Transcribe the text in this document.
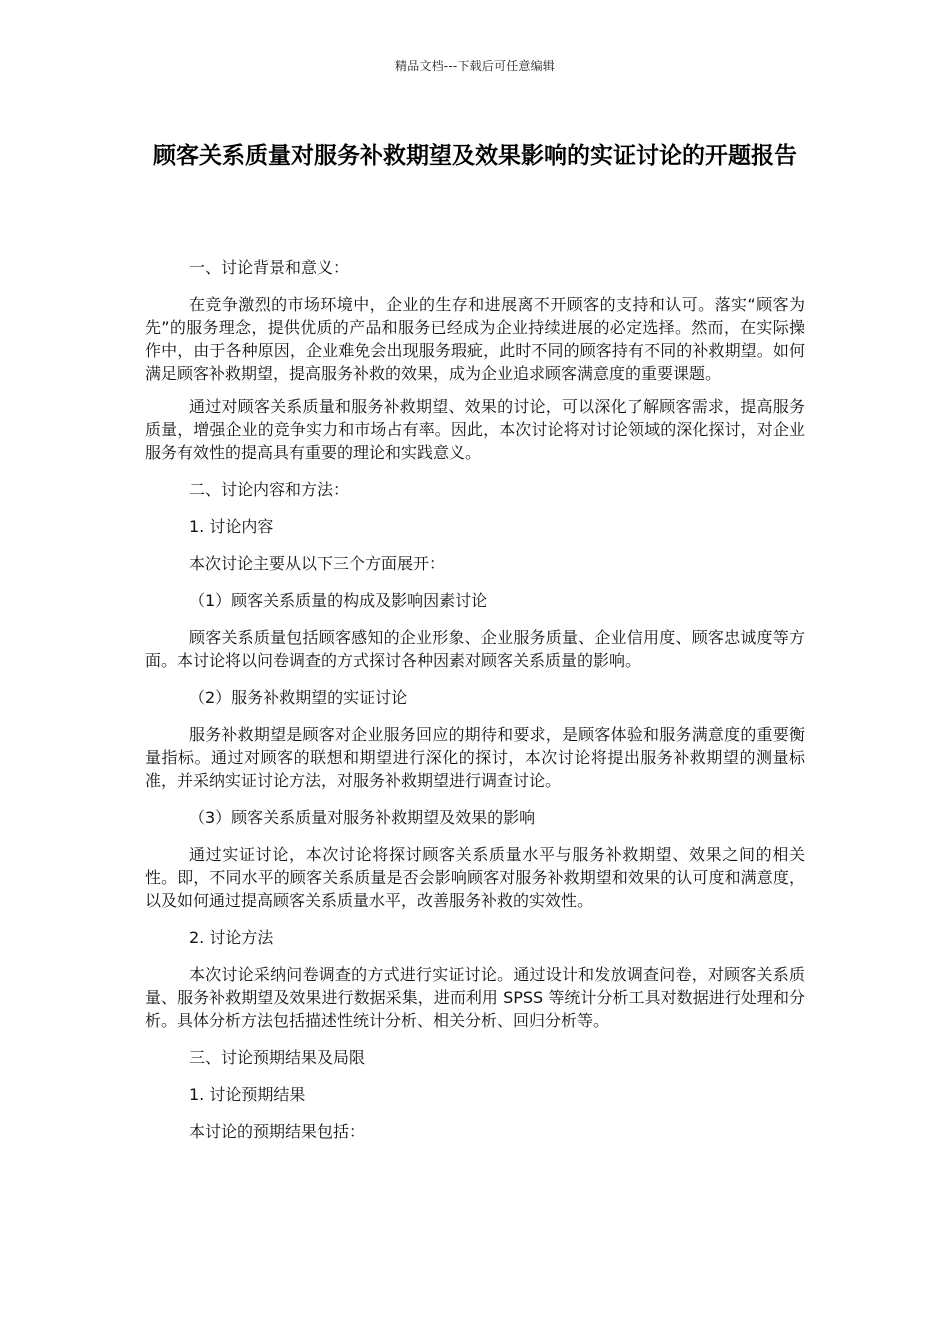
精品文档---下载后可任意编辑
顾客关系质量对服务补救期望及效果影响的实证讨论的开题报告
一、讨论背景和意义：
在竞争激烈的市场环境中，企业的生存和进展离不开顾客的支持和认可。落实“顾客为先”的服务理念，提供优质的产品和服务已经成为企业持续进展的必定选择。然而，在实际操作中，由于各种原因，企业难免会出现服务瑕疵，此时不同的顾客持有不同的补救期望。如何满足顾客补救期望，提高服务补救的效果，成为企业追求顾客满意度的重要课题。
通过对顾客关系质量和服务补救期望、效果的讨论，可以深化了解顾客需求，提高服务质量，增强企业的竞争实力和市场占有率。因此，本次讨论将对讨论领域的深化探讨，对企业服务有效性的提高具有重要的理论和实践意义。
二、讨论内容和方法：
1. 讨论内容
本次讨论主要从以下三个方面展开：
（1）顾客关系质量的构成及影响因素讨论
顾客关系质量包括顾客感知的企业形象、企业服务质量、企业信用度、顾客忠诚度等方面。本讨论将以问卷调查的方式探讨各种因素对顾客关系质量的影响。
（2）服务补救期望的实证讨论
服务补救期望是顾客对企业服务回应的期待和要求，是顾客体验和服务满意度的重要衡量指标。通过对顾客的联想和期望进行深化的探讨，本次讨论将提出服务补救期望的测量标准，并采纳实证讨论方法，对服务补救期望进行调查讨论。
（3）顾客关系质量对服务补救期望及效果的影响
通过实证讨论，本次讨论将探讨顾客关系质量水平与服务补救期望、效果之间的相关性。即，不同水平的顾客关系质量是否会影响顾客对服务补救期望和效果的认可度和满意度，以及如何通过提高顾客关系质量水平，改善服务补救的实效性。
2. 讨论方法
本次讨论采纳问卷调查的方式进行实证讨论。通过设计和发放调查问卷，对顾客关系质量、服务补救期望及效果进行数据采集，进而利用 SPSS 等统计分析工具对数据进行处理和分析。具体分析方法包括描述性统计分析、相关分析、回归分析等。
三、讨论预期结果及局限
1. 讨论预期结果
本讨论的预期结果包括：
